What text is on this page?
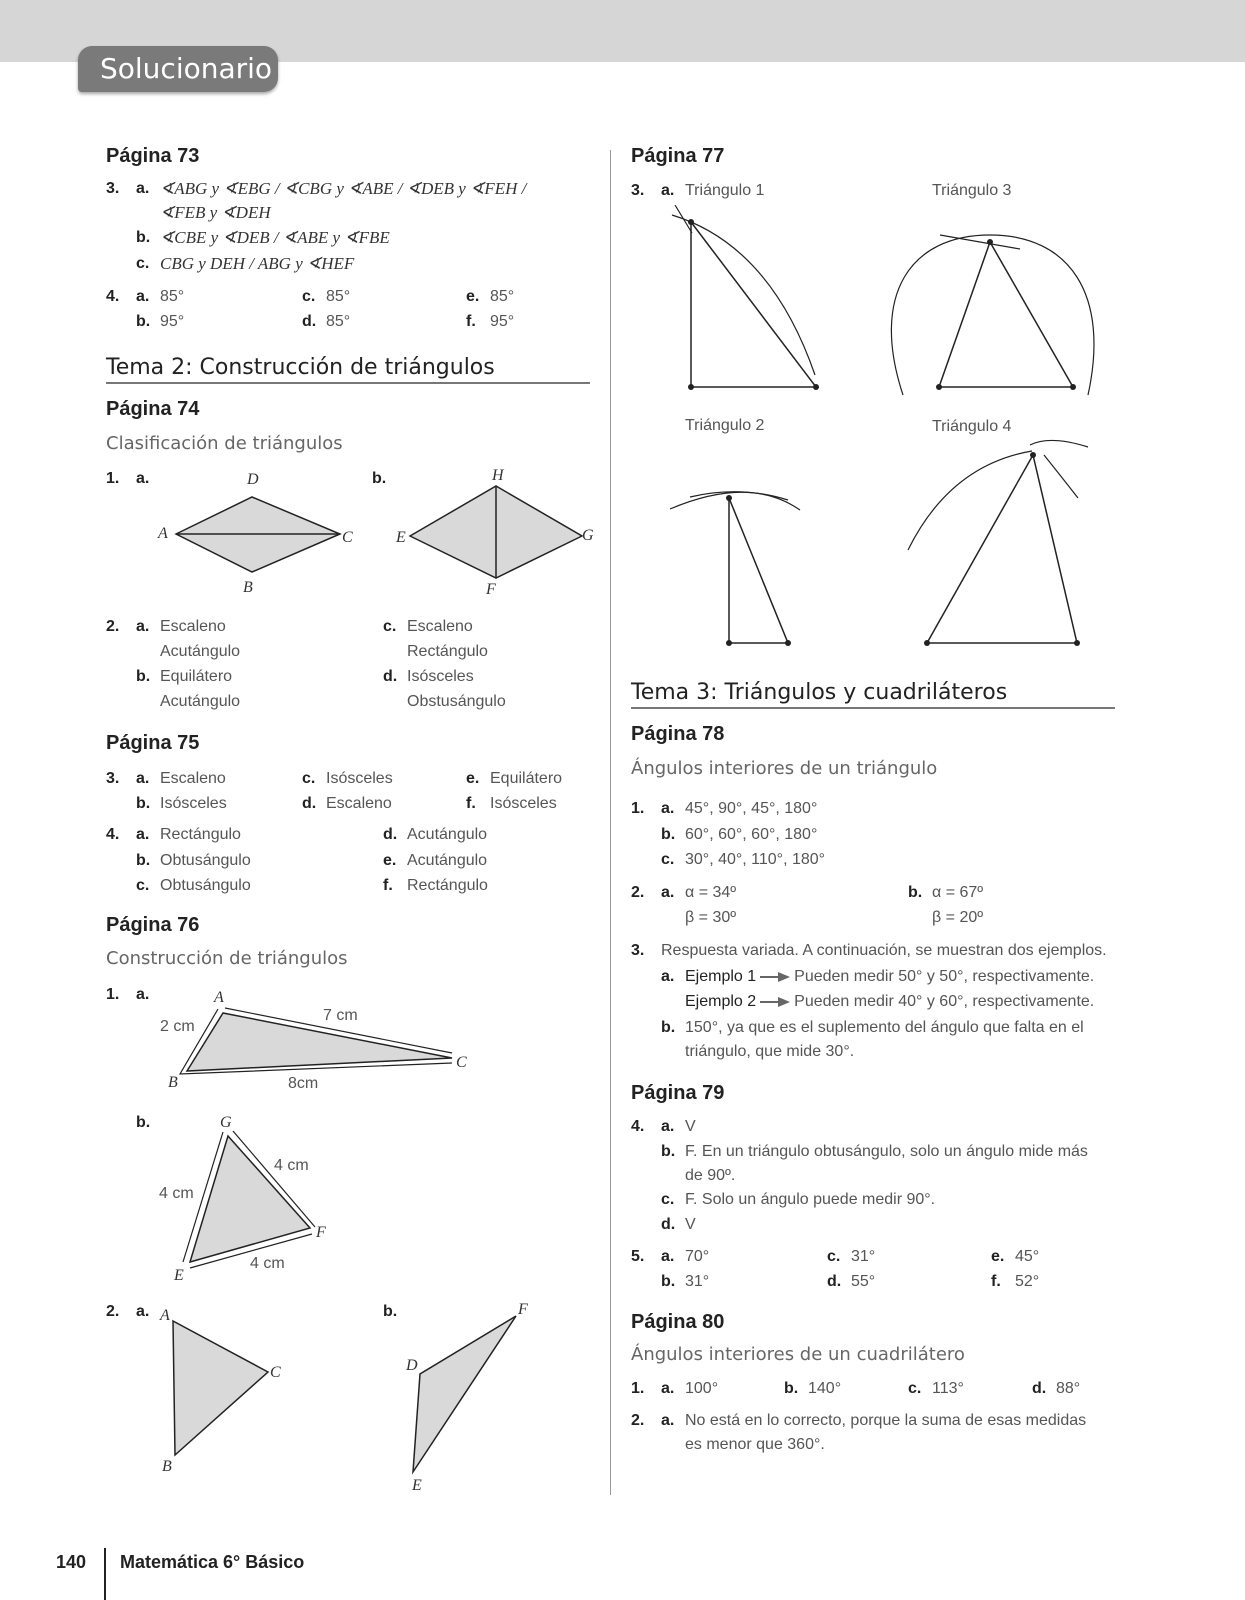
Solucionario
Página 73
3. a. ∢ABG y ∢EBG / ∢CBG y ∢ABE / ∢DEB y ∢FEH /
∢FEB y ∢DEH
b. ∢CBE y ∢DEB / ∢ABE y ∢FBE
c. CBG y DEH / ABG y ∢HEF
4. a. 85°	c. 85°	e. 85°
b. 95°	d. 85°	f. 95°
Tema 2: Construcción de triángulos
Página 74
Clasificación de triángulos
1. a.	b.
D
A	C
B
H
E	G
F
2. a. Escaleno
Acutángulo
b. Equilátero
Acutángulo
c. Escaleno
Rectángulo
d. Isósceles
Obstusángulo
Página 75
3. a. Escaleno	c. Isósceles	e. Equilátero
b. Isósceles	d. Escaleno	f. Isósceles
4. a. Rectángulo	d. Acutángulo
b. Obtusángulo	e. Acutángulo
c. Obtusángulo	f. Rectángulo
Página 76
Construcción de triángulos
1. a.	A
B
C
2 cm
7 cm
8cm
b.	G
E
F
4 cm
4 cm
4 cm
2. a.	b.
A
B
C	D
E
F
Página 77
3. a. Triángulo 1	Triángulo 3
Triángulo 2	Triángulo 4
Tema 3: Triángulos y cuadriláteros
Página 78
Ángulos interiores de un triángulo
1. a. 45°, 90°, 45°, 180°
b. 60°, 60°, 60°, 180°
c. 30°, 40°, 110°, 180°
2. a. α = 34º
β = 30º
b. α = 67º
β = 20º
3. Respuesta variada. A continuación, se muestran dos ejemplos.
a. Ejemplo 1 Pueden medir 50° y 50°, respectivamente.
Ejemplo 2 Pueden medir 40° y 60°, respectivamente.
b. 150°, ya que es el suplemento del ángulo que falta en el
triángulo, que mide 30°.
Página 79
4. a. V
b. F. En un triángulo obtusángulo, solo un ángulo mide más
de 90º.
c. F. Solo un ángulo puede medir 90°.
d. V
5. a. 70°	c. 31°	e. 45°
b. 31°	d. 55°	f. 52°
Página 80
Ángulos interiores de un cuadrilátero
1. a. 100°	b. 140°	c. 113°	d. 88°
2. a. No está en lo correcto, porque la suma de esas medidas
es menor que 360°.
140 Matemática 6° Básico
